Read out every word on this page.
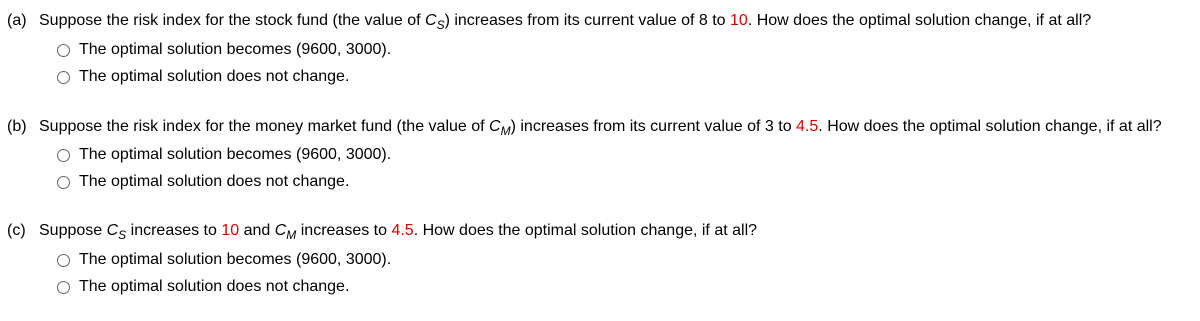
(a) Suppose the risk index for the stock fund (the value of $C_S$) increases from its current value of 8 to 10. How does the optimal solution change, if at all?
The optimal solution becomes (9600, 3000).
The optimal solution does not change.
(b) Suppose the risk index for the money market fund (the value of $C_M$) increases from its current value of 3 to 4.5. How does the optimal solution change, if at all?
The optimal solution becomes (9600, 3000).
The optimal solution does not change.
(c) Suppose $C_S$ increases to 10 and $C_M$ increases to 4.5. How does the optimal solution change, if at all?
The optimal solution becomes (9600, 3000).
The optimal solution does not change.
